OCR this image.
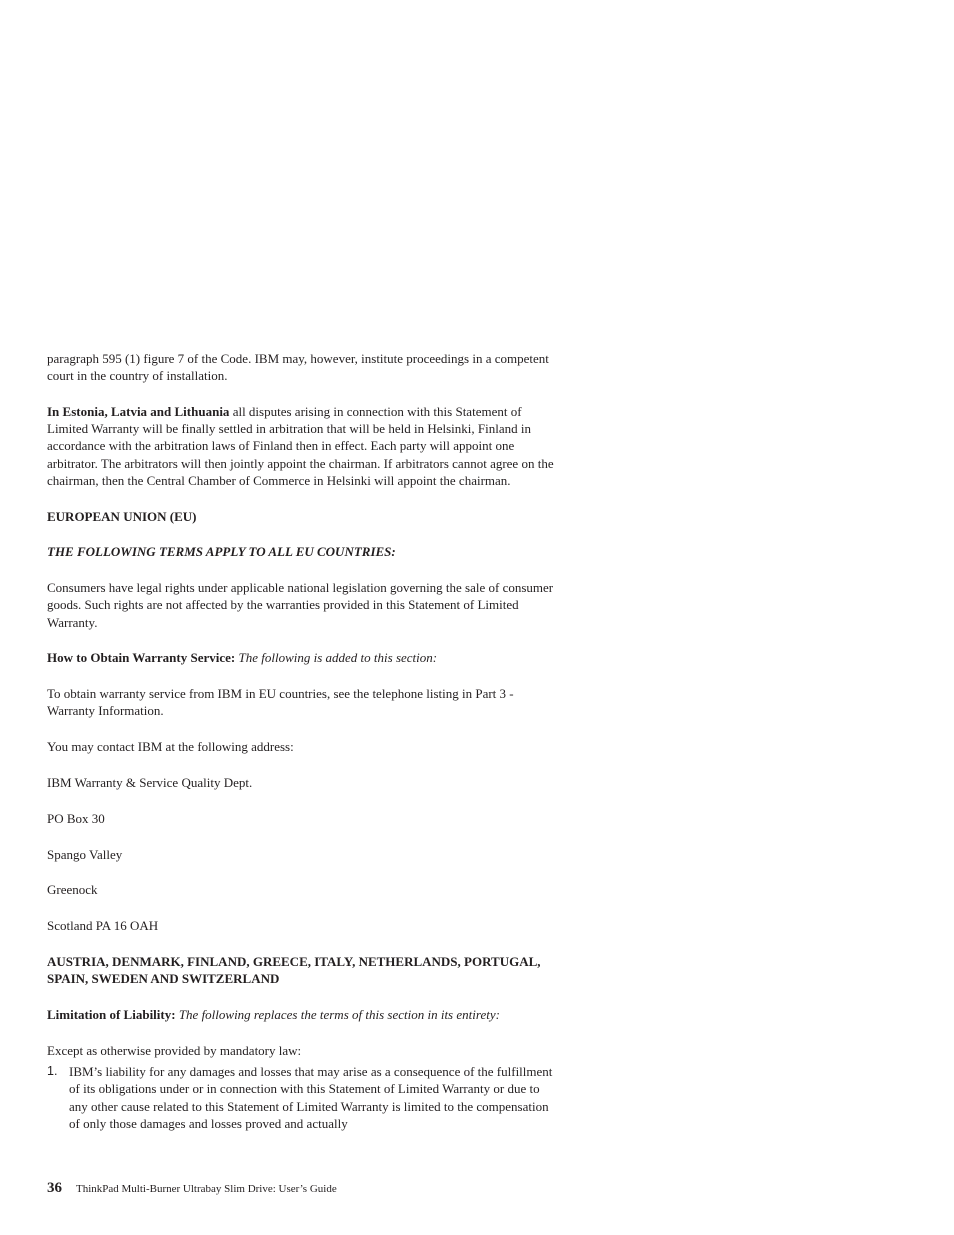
paragraph 595 (1) figure 7 of the Code. IBM may, however, institute proceedings in a competent court in the country of installation.

In Estonia, Latvia and Lithuania all disputes arising in connection with this Statement of Limited Warranty will be finally settled in arbitration that will be held in Helsinki, Finland in accordance with the arbitration laws of Finland then in effect. Each party will appoint one arbitrator. The arbitrators will then jointly appoint the chairman. If arbitrators cannot agree on the chairman, then the Central Chamber of Commerce in Helsinki will appoint the chairman.

EUROPEAN UNION (EU)

THE FOLLOWING TERMS APPLY TO ALL EU COUNTRIES:

Consumers have legal rights under applicable national legislation governing the sale of consumer goods. Such rights are not affected by the warranties provided in this Statement of Limited Warranty.

How to Obtain Warranty Service: The following is added to this section:

To obtain warranty service from IBM in EU countries, see the telephone listing in Part 3 - Warranty Information.

You may contact IBM at the following address:

IBM Warranty & Service Quality Dept.

PO Box 30

Spango Valley

Greenock

Scotland PA 16 OAH

AUSTRIA, DENMARK, FINLAND, GREECE, ITALY, NETHERLANDS, PORTUGAL, SPAIN, SWEDEN AND SWITZERLAND

Limitation of Liability: The following replaces the terms of this section in its entirety:

Except as otherwise provided by mandatory law:

1. IBM’s liability for any damages and losses that may arise as a consequence of the fulfillment of its obligations under or in connection with this Statement of Limited Warranty or due to any other cause related to this Statement of Limited Warranty is limited to the compensation of only those damages and losses proved and actually
36 ThinkPad Multi-Burner Ultrabay Slim Drive: User’s Guide
